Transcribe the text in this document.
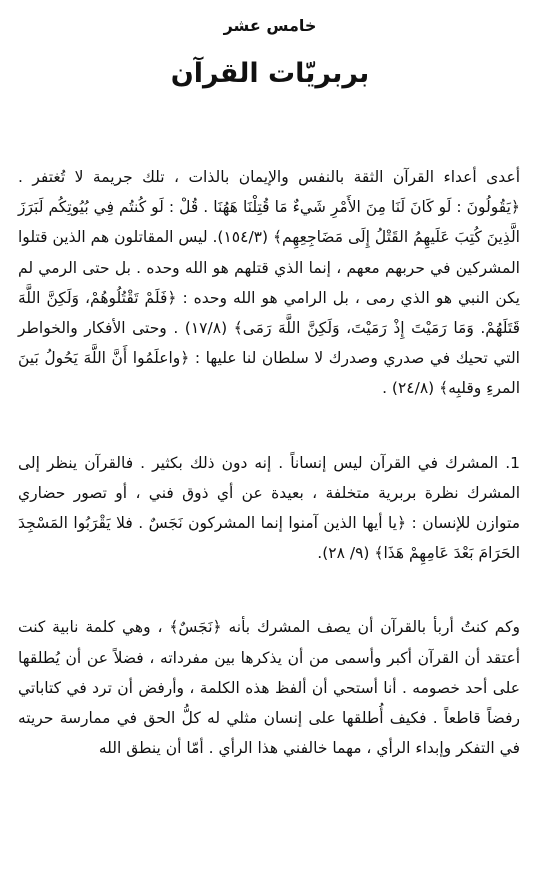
خامس عشر
بربريّات القرآن

أعدى أعداء القرآن الثقة بالنفس والإيمان بالذات ، تلك جريمة لا تُغتفر . ﴿يَقُولُونَ : لَو كَانَ لَنَا مِنَ الأَمْرِ شَيءٌ مَا قُتِلْنَا هَهُنَا . قُلْ : لَو كُنتُم فِي بُيُوتِكُم لَبَرَزَ الَّذِينَ كُتِبَ عَلَيهِمُ القَتْلُ إِلَى مَضَاجِعِهِم﴾ (١٥٤/٣). ليس المقاتلون هم الذين قتلوا المشركين في حربهم معهم ، إنما الذي قتلهم هو الله وحده . بل حتى الرمي لم يكن النبي هو الذي رمى ، بل الرامي هو الله وحده : ﴿فَلَمْ تَقْتُلُوهُمْ، وَلَكِنَّ اللَّهَ قَتَلَهُمْ. وَمَا رَمَيْتَ إِذْ رَمَيْتَ، وَلَكِنَّ اللَّهَ رَمَى﴾ (١٧/٨) . وحتى الأفكار والخواطر التي تحيك في صدري وصدرك لا سلطان لنا عليها : ﴿واعلَمُوا أَنَّ اللَّهَ يَحُولُ بَينَ المرءِ وقلبِه﴾ (٢٤/٨) .

1. المشرك في القرآن ليس إنساناً . إنه دون ذلك بكثير . فالقرآن ينظر إلى المشرك نظرة بربرية متخلفة ، بعيدة عن أي ذوق فني ، أو تصور حضاري متوازن للإنسان : ﴿يا أيها الذين آمنوا إنما المشركون نَجَسٌ . فلا يَقْرَبُوا المَسْجِدَ الحَرَامَ بَعْدَ عَامِهِمْ هَذَا﴾ (٩/ ٢٨).

وكم كنتُ أربأ بالقرآن أن يصف المشرك بأنه ﴿نَجَسٌ﴾ ، وهي كلمة نابية كنت أعتقد أن القرآن أكبر وأسمى من أن يذكرها بين مفرداته ، فضلاً عن أن يُطلقها على أحد خصومه . أنا أستحي أن ألفظ هذه الكلمة ، وأرفض أن ترد في كتاباتي رفضاً قاطعاً . فكيف أُطلقها على إنسان مثلي له كلُّ الحق في ممارسة حريته في التفكر وإبداء الرأي ، مهما خالفني هذا الرأي . أمّا أن ينطق الله
